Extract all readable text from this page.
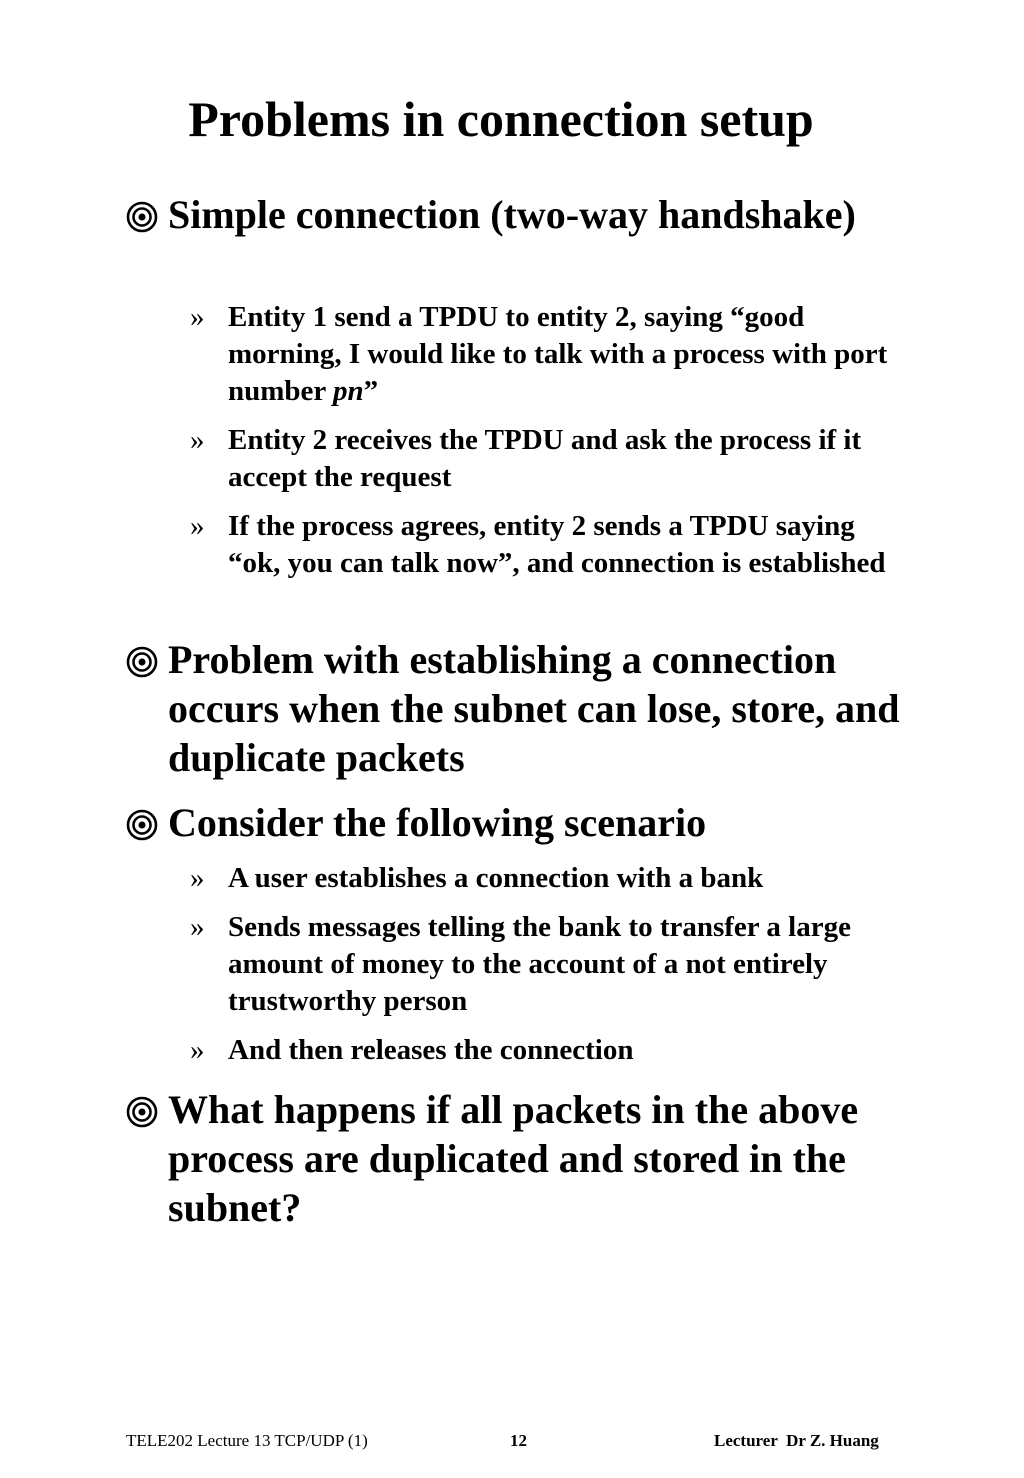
Problems in connection setup
Simple connection (two-way handshake)
» Entity 1 send a TPDU to entity 2, saying “good morning, I would like to talk with a process with port number pn”
» Entity 2 receives the TPDU and ask the process if it accept the request
» If the process agrees, entity 2 sends a TPDU saying “ok, you can talk now”, and connection is established
Problem with establishing a connection occurs when the subnet can lose, store, and duplicate packets
Consider the following scenario
» A user establishes a connection with a bank
» Sends messages telling the bank to transfer a large amount of money to the account of a not entirely trustworthy person
» And then releases the connection
What happens if all packets in the above process are duplicated and stored in the subnet?
TELE202 Lecture 13 TCP/UDP (1)	12	Lecturer  Dr Z. Huang
